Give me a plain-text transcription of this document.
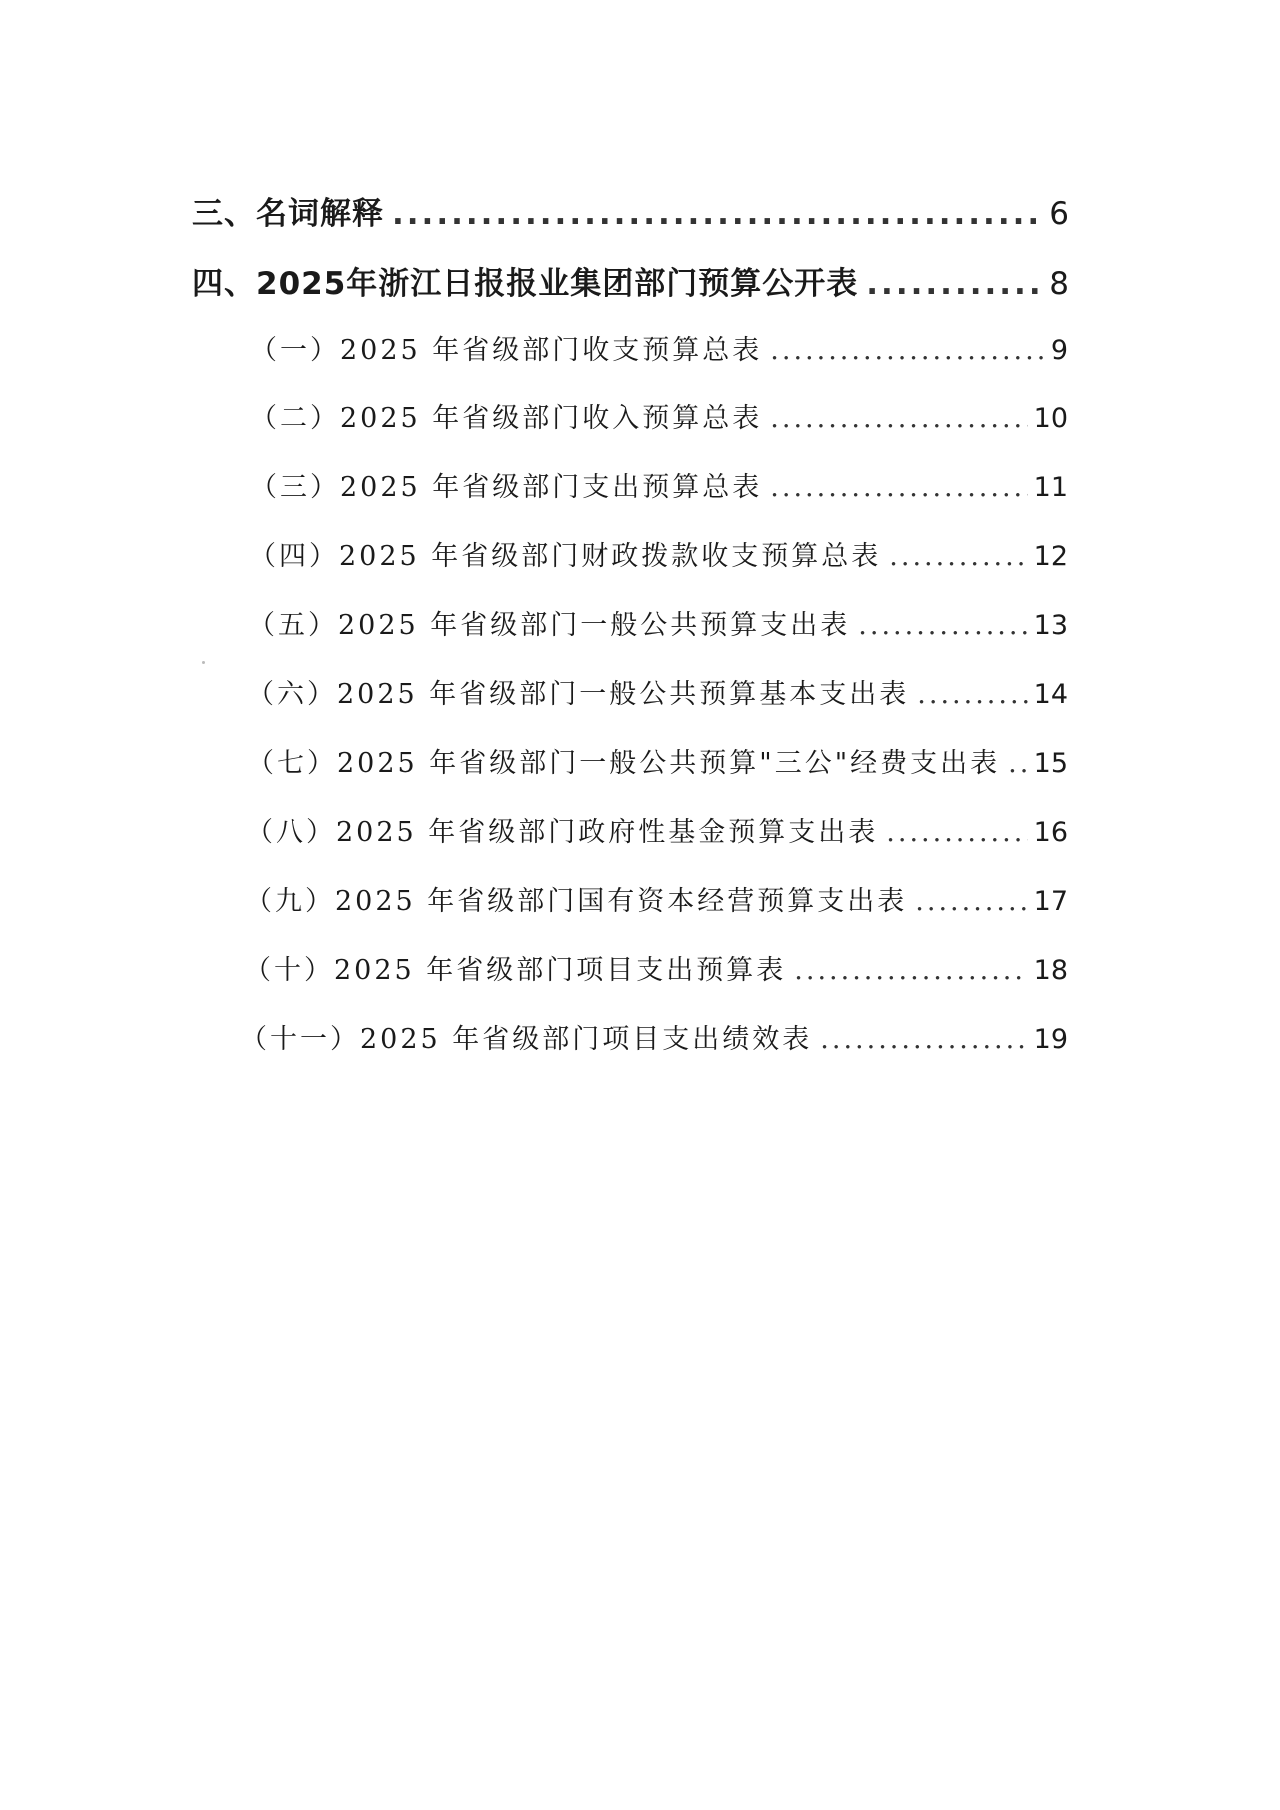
三、名词解释 .....	6
四、2025年浙江日报报业集团部门预算公开表 .....	8
（一）2025 年省级部门收支预算总表 .....	9
（二）2025 年省级部门收入预算总表 .....	10
（三）2025 年省级部门支出预算总表 .....	11
（四）2025 年省级部门财政拨款收支预算总表 .....	12
（五）2025 年省级部门一般公共预算支出表 .....	13
（六）2025 年省级部门一般公共预算基本支出表 .....	14
（七）2025 年省级部门一般公共预算"三公"经费支出表 ..... 15
（八）2025 年省级部门政府性基金预算支出表 .....	16
（九）2025 年省级部门国有资本经营预算支出表 .....	17
（十）2025 年省级部门项目支出预算表 .....	18
（十一）2025 年省级部门项目支出绩效表 .....	19
